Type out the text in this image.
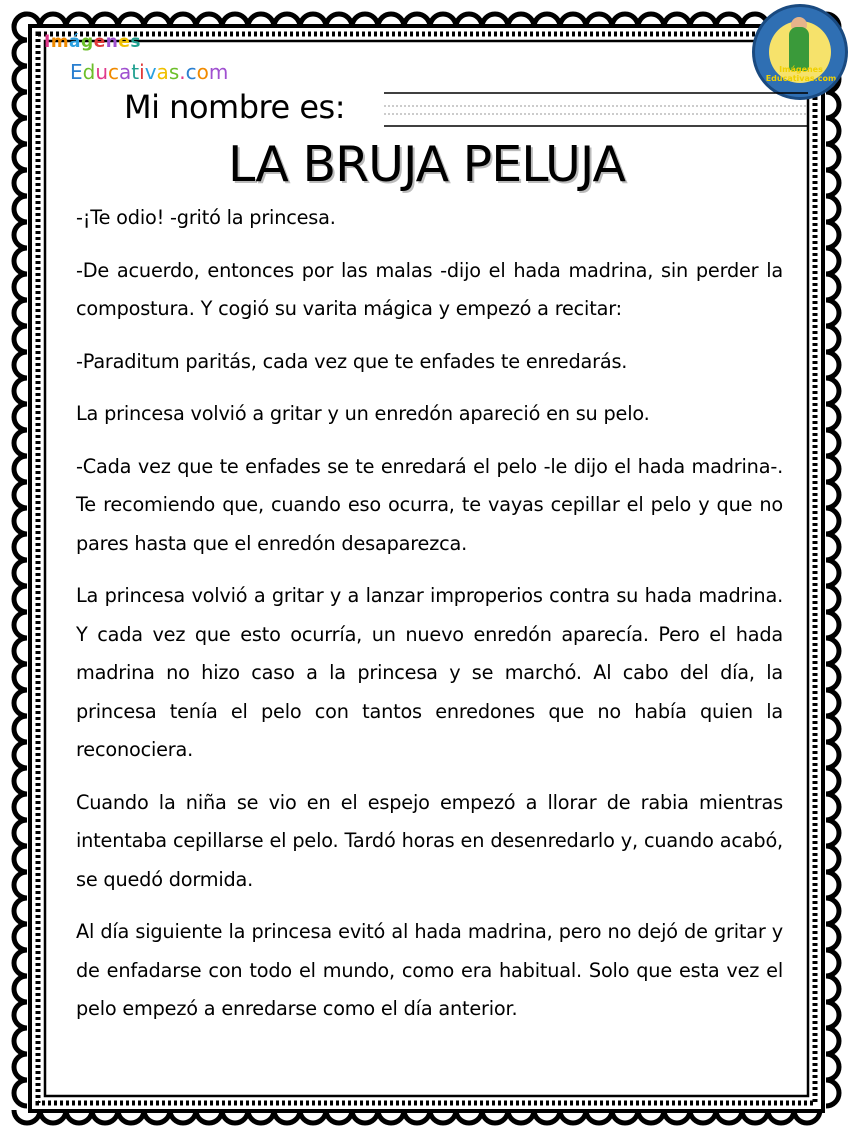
Imágenes
Educativas.com	Imágenes
Educativas.com
Mi nombre es:
LA BRUJA PELUJA

-¡Te odio! -gritó la princesa.

-De acuerdo, entonces por las malas -dijo el hada madrina, sin perder la compostura. Y cogió su varita mágica y empezó a recitar:

-Paraditum paritás, cada vez que te enfades te enredarás.

La princesa volvió a gritar y un enredón apareció en su pelo.

-Cada vez que te enfades se te enredará el pelo -le dijo el hada madrina-. Te recomiendo que, cuando eso ocurra, te vayas cepillar el pelo y que no pares hasta que el enredón desaparezca.

La princesa volvió a gritar y a lanzar improperios contra su hada madrina. Y cada vez que esto ocurría, un nuevo enredón aparecía. Pero el hada madrina no hizo caso a la princesa y se marchó. Al cabo del día, la princesa tenía el pelo con tantos enredones que no había quien la reconociera.

Cuando la niña se vio en el espejo empezó a llorar de rabia mientras intentaba cepillarse el pelo. Tardó horas en desenredarlo y, cuando acabó, se quedó dormida.

Al día siguiente la princesa evitó al hada madrina, pero no dejó de gritar y de enfadarse con todo el mundo, como era habitual. Solo que esta vez el pelo empezó a enredarse como el día anterior.
